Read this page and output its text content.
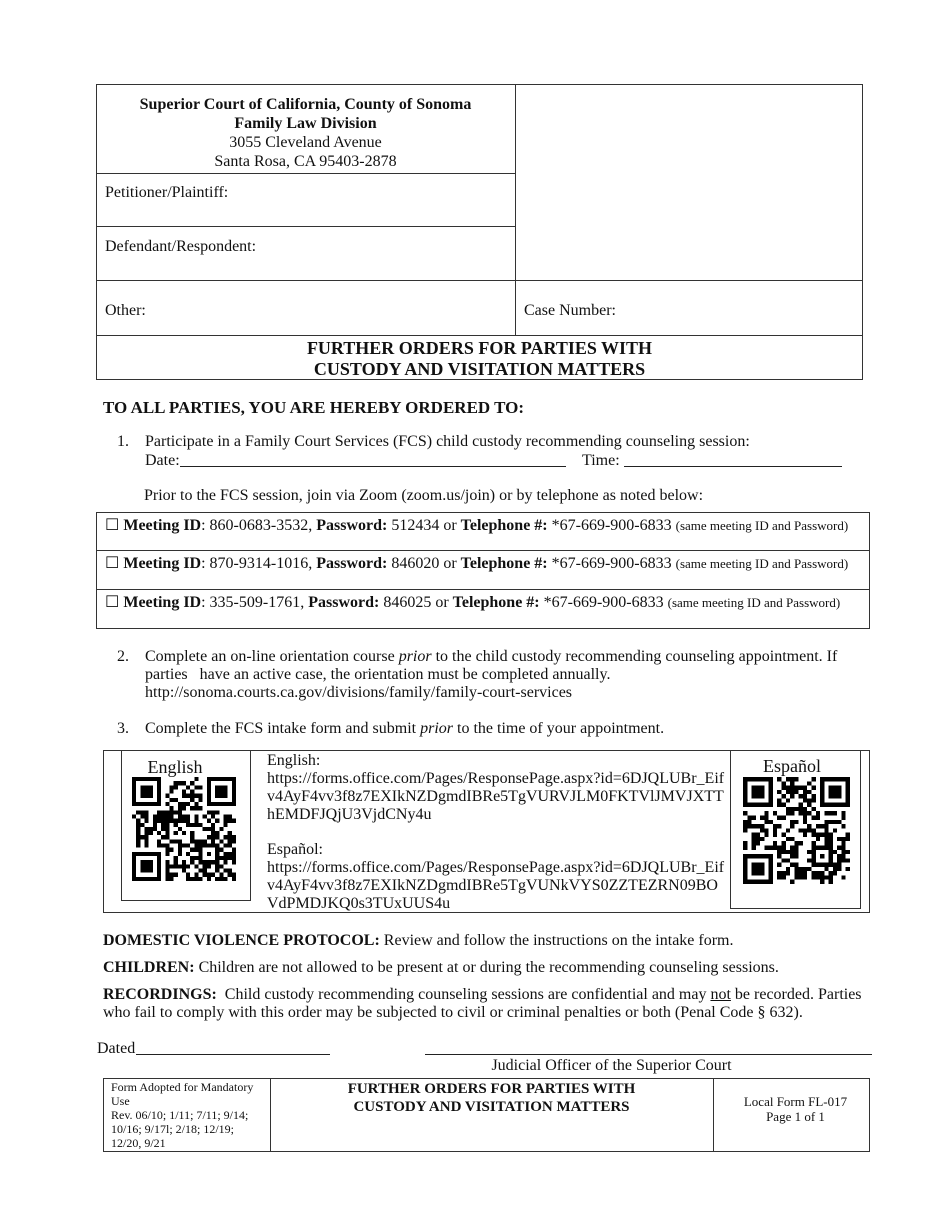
Superior Court of California, County of Sonoma
Family Law Division
3055 Cleveland Avenue
Santa Rosa, CA 95403-2878
Petitioner/Plaintiff:
Defendant/Respondent:
Other:	Case Number:
FURTHER ORDERS FOR PARTIES WITH
CUSTODY AND VISITATION MATTERS
TO ALL PARTIES, YOU ARE HEREBY ORDERED TO:
1. Participate in a Family Court Services (FCS) child custody recommending counseling session:
Date:	Time:
Prior to the FCS session, join via Zoom (zoom.us/join) or by telephone as noted below:
☐ Meeting ID: 860-0683-3532, Password: 512434 or Telephone #: *67-669-900-6833 (same meeting ID and Password)
☐ Meeting ID: 870-9314-1016, Password: 846020 or Telephone #: *67-669-900-6833 (same meeting ID and Password)
☐ Meeting ID: 335-509-1761, Password: 846025 or Telephone #: *67-669-900-6833 (same meeting ID and Password)
2. Complete an on-line orientation course prior to the child custody recommending counseling appointment. If
parties   have an active case, the orientation must be completed annually.
http://sonoma.courts.ca.gov/divisions/family/family-court-services
3. Complete the FCS intake form and submit prior to the time of your appointment.
English	Español
English:
https://forms.office.com/Pages/ResponsePage.aspx?id=6DJQLUBr_Eif
v4AyF4vv3f8z7EXIkNZDgmdIBRe5TgVURVJLM0FKTVlJMVJXTT
hEMDFJQjU3VjdCNy4u
Español:
https://forms.office.com/Pages/ResponsePage.aspx?id=6DJQLUBr_Eif
v4AyF4vv3f8z7EXIkNZDgmdIBRe5TgVUNkVYS0ZZTEZRN09BO
VdPMDJKQ0s3TUxUUS4u
DOMESTIC VIOLENCE PROTOCOL: Review and follow the instructions on the intake form.
CHILDREN: Children are not allowed to be present at or during the recommending counseling sessions.
RECORDINGS:  Child custody recommending counseling sessions are confidential and may not be recorded. Parties
who fail to comply with this order may be subjected to civil or criminal penalties or both (Penal Code § 632).
Dated
Judicial Officer of the Superior Court
Form Adopted for Mandatory
Use
Rev. 06/10; 1/11; 7/11; 9/14;
10/16; 9/17l; 2/18; 12/19;
12/20, 9/21
FURTHER ORDERS FOR PARTIES WITH
CUSTODY AND VISITATION MATTERS	Local Form FL-017
Page 1 of 1
